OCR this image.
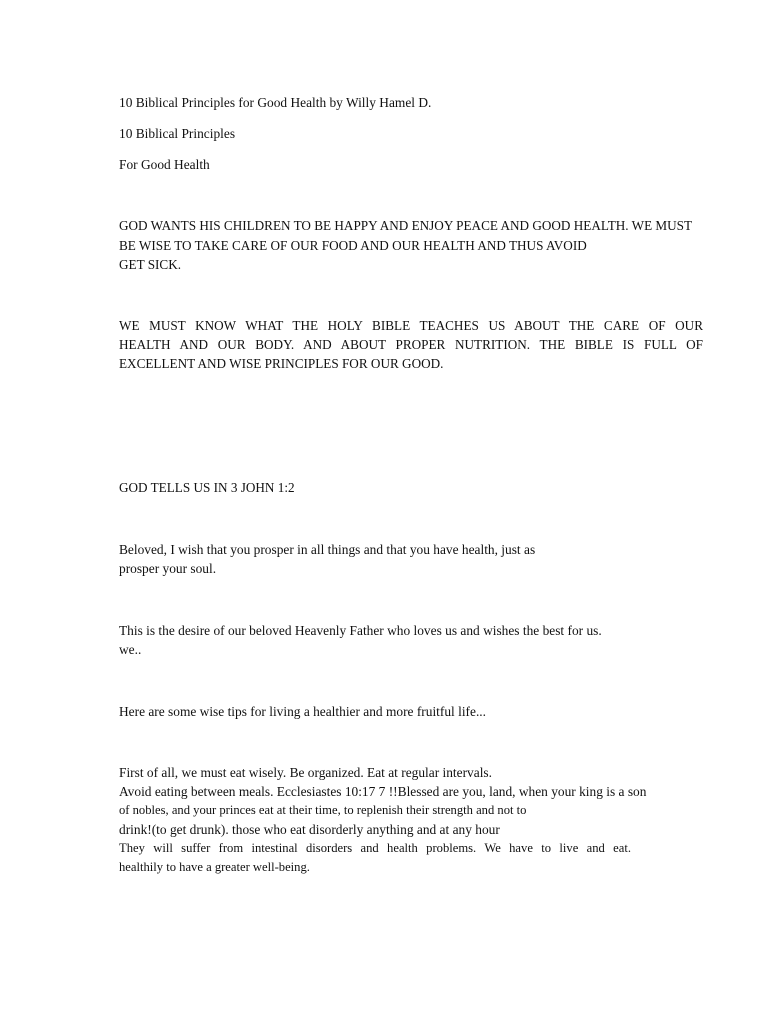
10 Biblical Principles for Good Health by Willy Hamel D.

10 Biblical Principles

For Good Health

GOD WANTS HIS CHILDREN TO BE HAPPY AND ENJOY PEACE AND GOOD HEALTH. WE MUST

BE WISE TO TAKE CARE OF OUR FOOD AND OUR HEALTH AND THUS AVOID

GET SICK.

WE MUST KNOW WHAT THE HOLY BIBLE TEACHES US ABOUT THE CARE OF OUR

HEALTH AND OUR BODY. AND ABOUT PROPER NUTRITION. THE BIBLE IS FULL OF

EXCELLENT AND WISE PRINCIPLES FOR OUR GOOD.

GOD TELLS US IN 3 JOHN 1:2

Beloved, I wish that you prosper in all things and that you have health, just as

prosper your soul.

This is the desire of our beloved Heavenly Father who loves us and wishes the best for us.

we..

Here are some wise tips for living a healthier and more fruitful life...

First of all, we must eat wisely. Be organized. Eat at regular intervals.

Avoid eating between meals. Ecclesiastes 10:17 7 !!Blessed are you, land, when your king is a son

of nobles, and your princes eat at their time, to replenish their strength and not to

drink!(to get drunk). those who eat disorderly anything and at any hour

They will suffer from intestinal disorders and health problems. We have to live and eat.

healthily to have a greater well-being.
